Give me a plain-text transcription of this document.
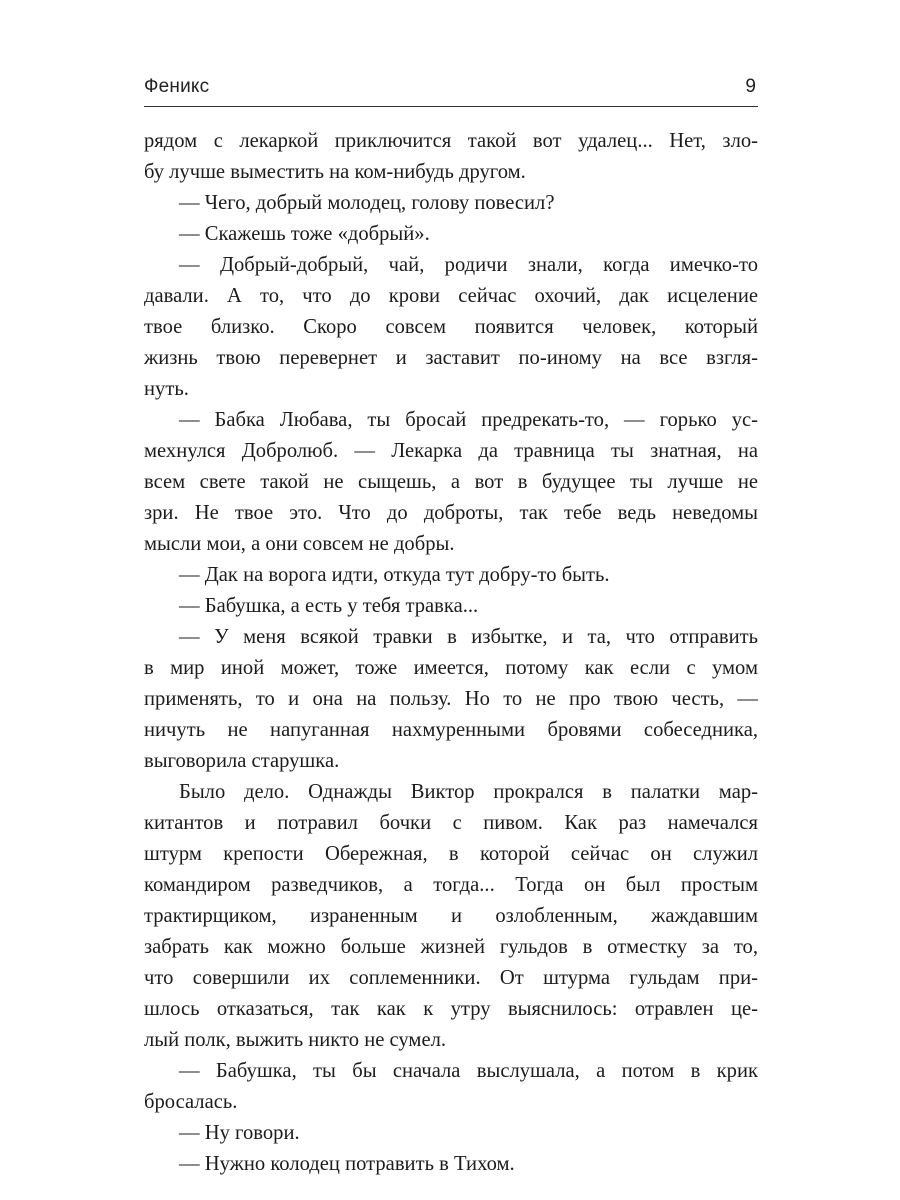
Феникс	9
рядом с лекаркой приключится такой вот удалец... Нет, зло-
бу лучше выместить на ком-нибудь другом.
— Чего, добрый молодец, голову повесил?
— Скажешь тоже «добрый».
— Добрый-добрый, чай, родичи знали, когда имечко-то
давали. А то, что до крови сейчас охочий, дак исцеление
твое близко. Скоро совсем появится человек, который
жизнь твою перевернет и заставит по-иному на все взгля-
нуть.
— Бабка Любава, ты бросай предрекать-то, — горько ус-
мехнулся Добролюб. — Лекарка да травница ты знатная, на
всем свете такой не сыщешь, а вот в будущее ты лучше не
зри. Не твое это. Что до доброты, так тебе ведь неведомы
мысли мои, а они совсем не добры.
— Дак на ворога идти, откуда тут добру-то быть.
— Бабушка, а есть у тебя травка...
— У меня всякой травки в избытке, и та, что отправить
в мир иной может, тоже имеется, потому как если с умом
применять, то и она на пользу. Но то не про твою честь, —
ничуть не напуганная нахмуренными бровями собеседника,
выговорила старушка.
Было дело. Однажды Виктор прокрался в палатки мар-
китантов и потравил бочки с пивом. Как раз намечался
штурм крепости Обережная, в которой сейчас он служил
командиром разведчиков, а тогда... Тогда он был простым
трактирщиком, израненным и озлобленным, жаждавшим
забрать как можно больше жизней гульдов в отместку за то,
что совершили их соплеменники. От штурма гульдам при-
шлось отказаться, так как к утру выяснилось: отравлен це-
лый полк, выжить никто не сумел.
— Бабушка, ты бы сначала выслушала, а потом в крик
бросалась.
— Ну говори.
— Нужно колодец потравить в Тихом.
